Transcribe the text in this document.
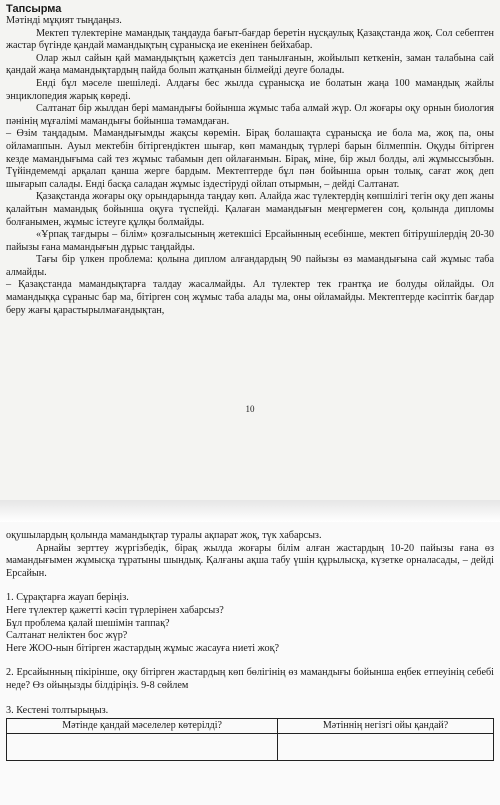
Тапсырма

Мәтінді мұқият тыңдаңыз.

Мектеп түлектеріне мамандық таңдауда бағыт-бағдар беретін нұсқаулық Қазақстанда жоқ. Сол себептен жастар бүгінде қандай мамандықтың сұранысқа ие екенінен бейхабар.

Олар жыл сайын қай мамандықтың қажетсіз деп танылғанын, жойылып кеткенін, заман талабына сай қандай жаңа мамандықтардың пайда болып жатқанын білмейді деуге болады.

Енді бұл мәселе шешіледі. Алдағы бес жылда сұранысқа ие болатын жаңа 100 мамандық жайлы энциклопедия жарық көреді.

Салтанат бір жылдан бері мамандығы бойынша жұмыс таба алмай жүр. Ол жоғары оқу орнын биология пәнінің мұғалімі мамандығы бойынша тәмамдаған.

– Өзім таңдадым. Мамандығымды жақсы көремін. Бірақ болашақта сұранысқа ие бола ма, жоқ па, оны ойламаппын. Ауыл мектебін бітіргендіктен шығар, көп мамандық түрлері барын білмеппін. Оқуды бітірген кезде мамандығыма сай тез жұмыс табамын деп ойлағанмын. Бірақ, міне, бір жыл болды, әлі жұмыссызбын. Түйіндемемді арқалап қанша жерге бардым. Мектептерде бұл пән бойынша орын толық, сағат жоқ деп шығарып салады. Енді басқа саладан жұмыс іздестіруді ойлап отырмын, – дейді Салтанат.

Қазақстанда жоғары оқу орындарында таңдау көп. Алайда жас түлектердің көпшілігі тегін оқу деп жаны қалайтын мамандық бойынша оқуға түспейді. Қалаған мамандығын меңгермеген соң, қолында дипломы болғанымен, жұмыс істеуге құлқы болмайды.

«Ұрпақ тағдыры – білім» қозғалысының жетекшісі Ерсайынның есебінше, мектеп бітірушілердің 20-30 пайызы ғана мамандығын дұрыс таңдайды.

Тағы бір үлкен проблема: қолына диплом алғандардың 90 пайызы өз мамандығына сай жұмыс таба алмайды.

– Қазақстанда мамандықтарға талдау жасалмайды. Ал түлектер тек грантқа ие болуды ойлайды. Ол мамандыққа сұраныс бар ма, бітірген соң жұмыс таба алады ма, оны ойламайды. Мектептерде кәсіптік бағдар беру жағы қарастырылмағандықтан,

10

оқушылардың қолында мамандықтар туралы ақпарат жоқ, түк хабарсыз.

Арнайы зерттеу жүргізбедік, бірақ жылда жоғары білім алған жастардың 10-20 пайызы ғана өз мамандығымен жұмысқа тұратыны шындық. Қалғаны ақша табу үшін құрылысқа, күзетке орналасады, – дейді Ерсайын.

1. Сұрақтарға жауап беріңіз.

Неге түлектер қажетті кәсіп түрлерінен хабарсыз?

Бұл проблема қалай шешімін таппақ?

Салтанат неліктен бос жүр?

Неге ЖОО-нын бітірген жастардың жұмыс жасауға ниеті жоқ?

2. Ерсайынның пікірінше, оқу бітірген жастардың көп бөлігінің өз мамандығы бойынша еңбек етпеуінің себебі неде? Өз ойыңызды білдіріңіз. 9-8 сөйлем

3. Кестені толтырыңыз.

Мәтінде қандай мәселелер көтерілді?	Мәтіннің негізгі ойы қандай?
